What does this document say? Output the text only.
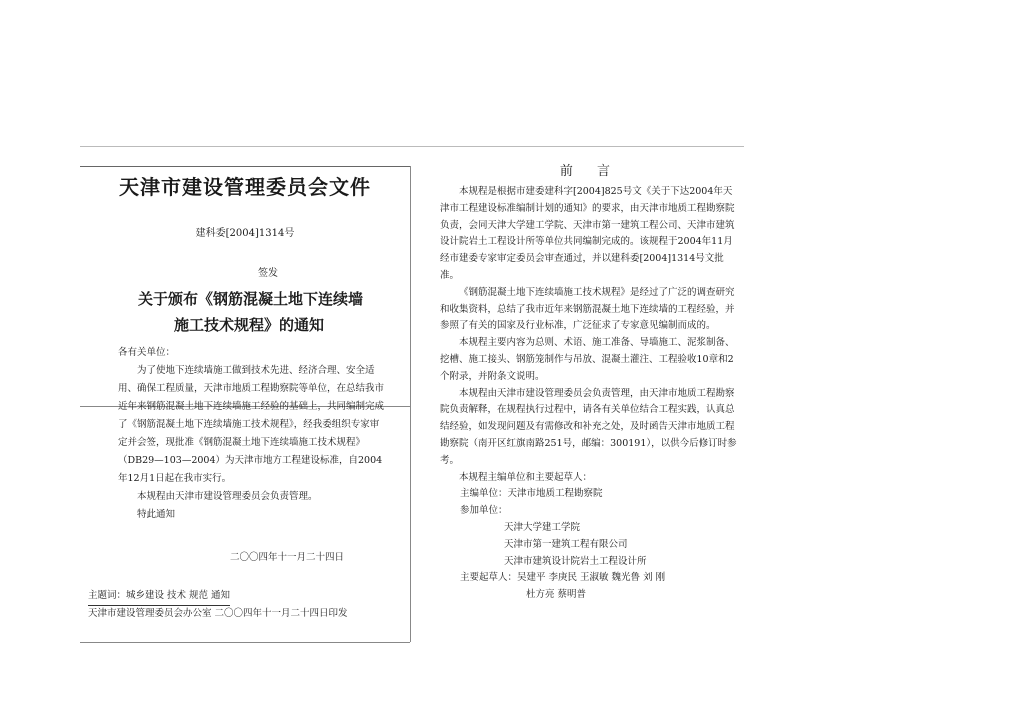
天津市建设管理委员会文件
建科委[2004]1314号
签发
关于颁布《钢筋混凝土地下连续墙
施工技术规程》的通知

各有关单位：

为了使地下连续墙施工做到技术先进、经济合理、安全适用、确保工程质量，天津市地质工程勘察院等单位，在总结我市近年来钢筋混凝土地下连续墙施工经验的基础上，共同编制完成了《钢筋混凝土地下连续墙施工技术规程》，经我委组织专家审定并会签，现批准《钢筋混凝土地下连续墙施工技术规程》（DB29—103—2004）为天津市地方工程建设标准，自2004年12月1日起在我市实行。

本规程由天津市建设管理委员会负责管理。

特此通知

二〇〇四年十一月二十四日
主题词：城乡建设 技术 规范 通知
天津市建设管理委员会办公室 二〇〇四年十一月二十四日印发
前 言

本规程是根据市建委建科字[2004]825号文《关于下达2004年天津市工程建设标准编制计划的通知》的要求，由天津市地质工程勘察院负责，会同天津大学建工学院、天津市第一建筑工程公司、天津市建筑设计院岩土工程设计所等单位共同编制完成的。该规程于2004年11月经市建委专家审定委员会审查通过，并以建科委[2004]1314号文批准。

《钢筋混凝土地下连续墙施工技术规程》是经过了广泛的调查研究和收集资料，总结了我市近年来钢筋混凝土地下连续墙的工程经验，并参照了有关的国家及行业标准，广泛征求了专家意见编制而成的。

本规程主要内容为总则、术语、施工准备、导墙施工、泥浆制备、挖槽、施工接头、钢筋笼制作与吊放、混凝土灌注、工程验收10章和2个附录，并附条文说明。

本规程由天津市建设管理委员会负责管理，由天津市地质工程勘察院负责解释，在规程执行过程中，请各有关单位结合工程实践，认真总结经验，如发现问题及有需修改和补充之处，及时函告天津市地质工程勘察院（南开区红旗南路251号，邮编：300191），以供今后修订时参考。

本规程主编单位和主要起草人：

主编单位：天津市地质工程勘察院
参加单位：
天津大学建工学院
天津市第一建筑工程有限公司
天津市建筑设计院岩土工程设计所
主要起草人：吴建平 李庚民 王淑敏 魏光鲁 刘 刚
杜方亮 蔡明普
